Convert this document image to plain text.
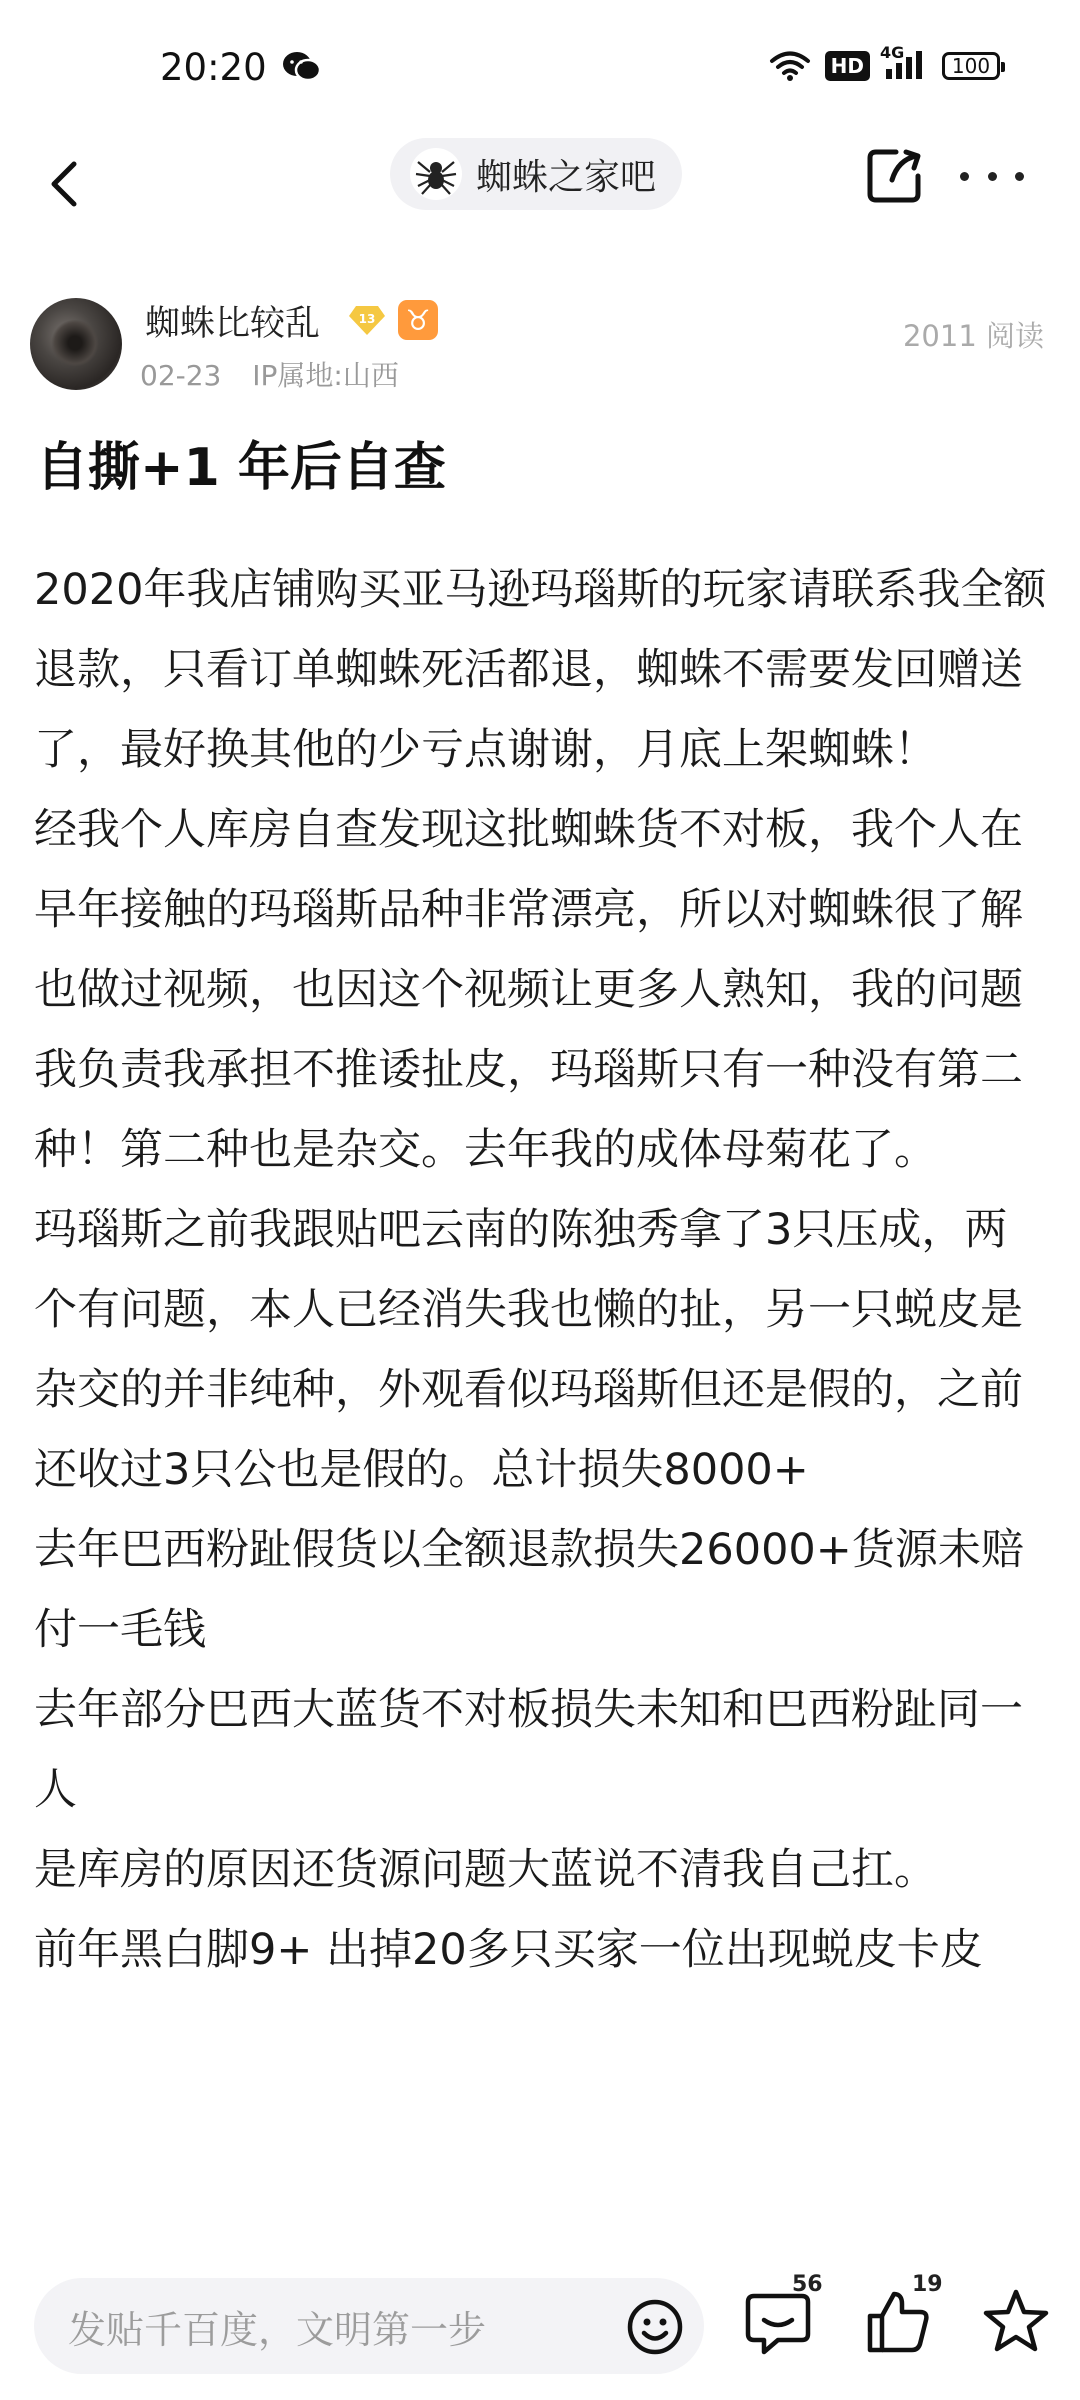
20:20	HD
4G
100
蜘蛛之家吧
蜘蛛比较乱	13 ♉
02-23 IP属地:山西
2011 阅读
自撕+1 年后自查

2020年我店铺购买亚马逊玛瑙斯的玩家请联系我全额退款，只看订单蜘蛛死活都退，蜘蛛不需要发回赠送了，最好换其他的少亏点谢谢，月底上架蜘蛛！

经我个人库房自查发现这批蜘蛛货不对板，我个人在早年接触的玛瑙斯品种非常漂亮，所以对蜘蛛很了解也做过视频，也因这个视频让更多人熟知，我的问题我负责我承担不推诿扯皮，玛瑙斯只有一种没有第二种！第二种也是杂交。去年我的成体母菊花了。

玛瑙斯之前我跟贴吧云南的陈独秀拿了3只压成，两个有问题，本人已经消失我也懒的扯，另一只蜕皮是杂交的并非纯种，外观看似玛瑙斯但还是假的，之前还收过3只公也是假的。总计损失8000+

去年巴西粉趾假货以全额退款损失26000+货源未赔付一毛钱

去年部分巴西大蓝货不对板损失未知和巴西粉趾同一人

是库房的原因还货源问题大蓝说不清我自己扛。

前年黑白脚9+ 出掉20多只买家一位出现蜕皮卡皮

发贴千百度，文明第一步
56	19
